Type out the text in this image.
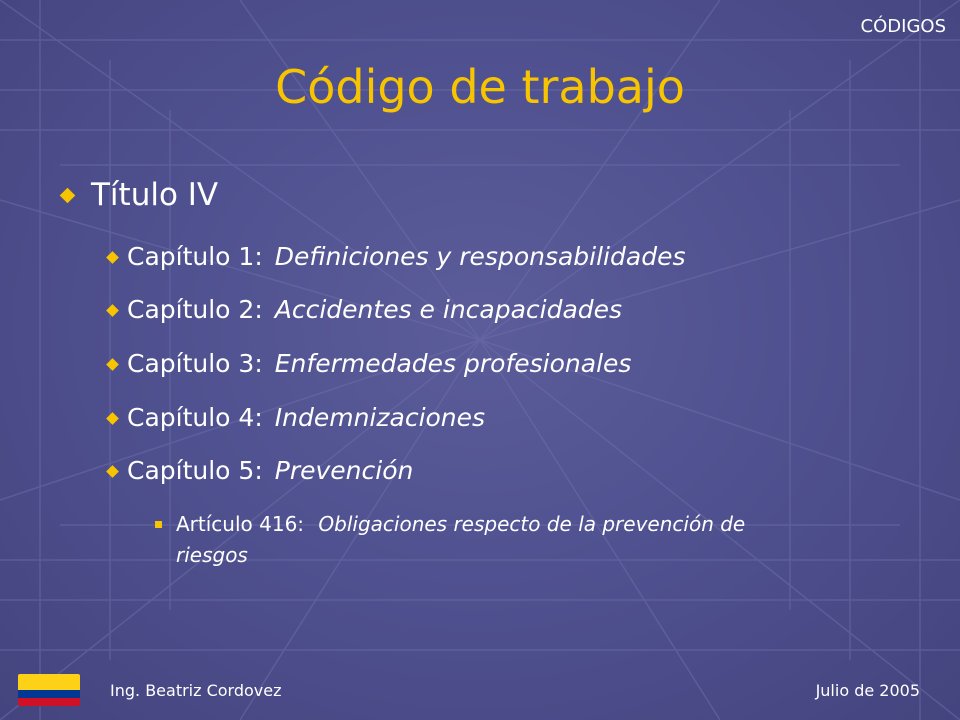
CÓDIGOS
Código de trabajo
Título IV
Capítulo 1: Definiciones y responsabilidades
Capítulo 2: Accidentes e incapacidades
Capítulo 3: Enfermedades profesionales
Capítulo 4: Indemnizaciones
Capítulo 5: Prevención
Artículo 416: Obligaciones respecto de la prevención de riesgos
Ing. Beatriz Cordovez	Julio de 2005
